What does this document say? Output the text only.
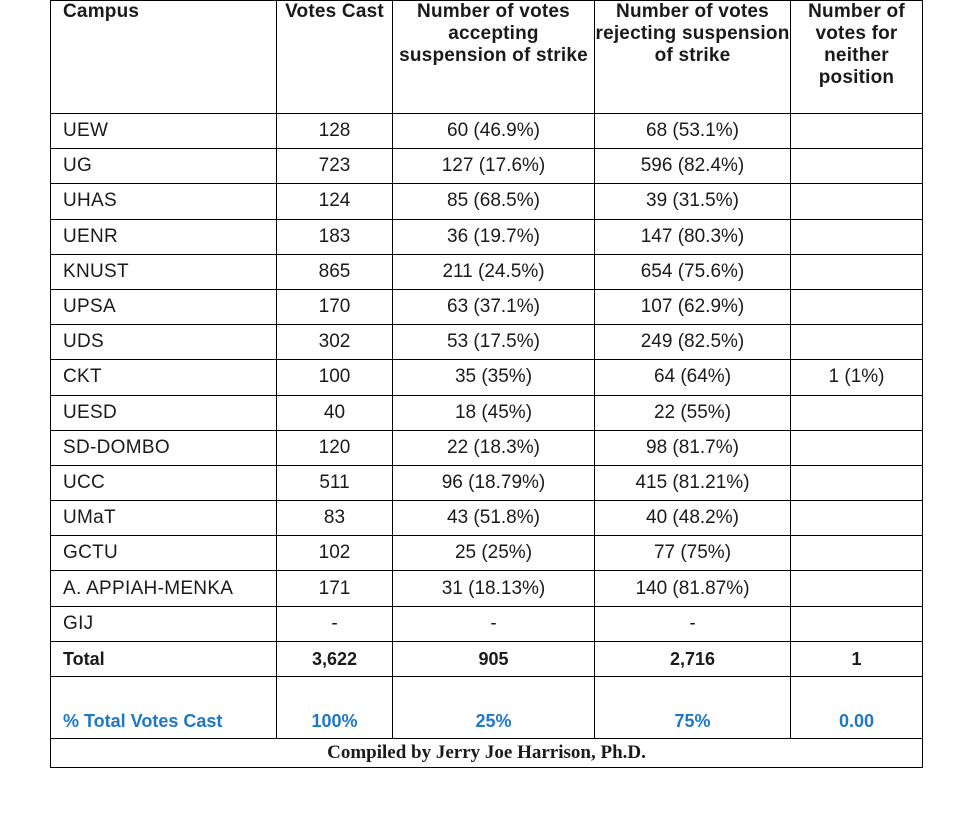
Campus	Votes Cast	Number of votes accepting suspension of strike	Number of votes rejecting suspension of strike	Number of votes for neither position
UEW	128	60 (46.9%)	68 (53.1%)	
UG	723	127 (17.6%)	596 (82.4%)	
UHAS	124	85 (68.5%)	39 (31.5%)	
UENR	183	36 (19.7%)	147 (80.3%)	
KNUST	865	211 (24.5%)	654 (75.6%)	
UPSA	170	63 (37.1%)	107 (62.9%)	
UDS	302	53 (17.5%)	249 (82.5%)	
CKT	100	35 (35%)	64 (64%)	1 (1%)
UESD	40	18 (45%)	22 (55%)	
SD-DOMBO	120	22 (18.3%)	98 (81.7%)	
UCC	511	96 (18.79%)	415 (81.21%)	
UMaT	83	43 (51.8%)	40 (48.2%)	
GCTU	102	25 (25%)	77 (75%)	
A. APPIAH-MENKA	171	31 (18.13%)	140 (81.87%)	
GIJ	-	-	-	
Total	3,622	905	2,716	1
% Total Votes Cast	100%	25%	75%	0.00
Compiled by Jerry Joe Harrison, Ph.D.				
